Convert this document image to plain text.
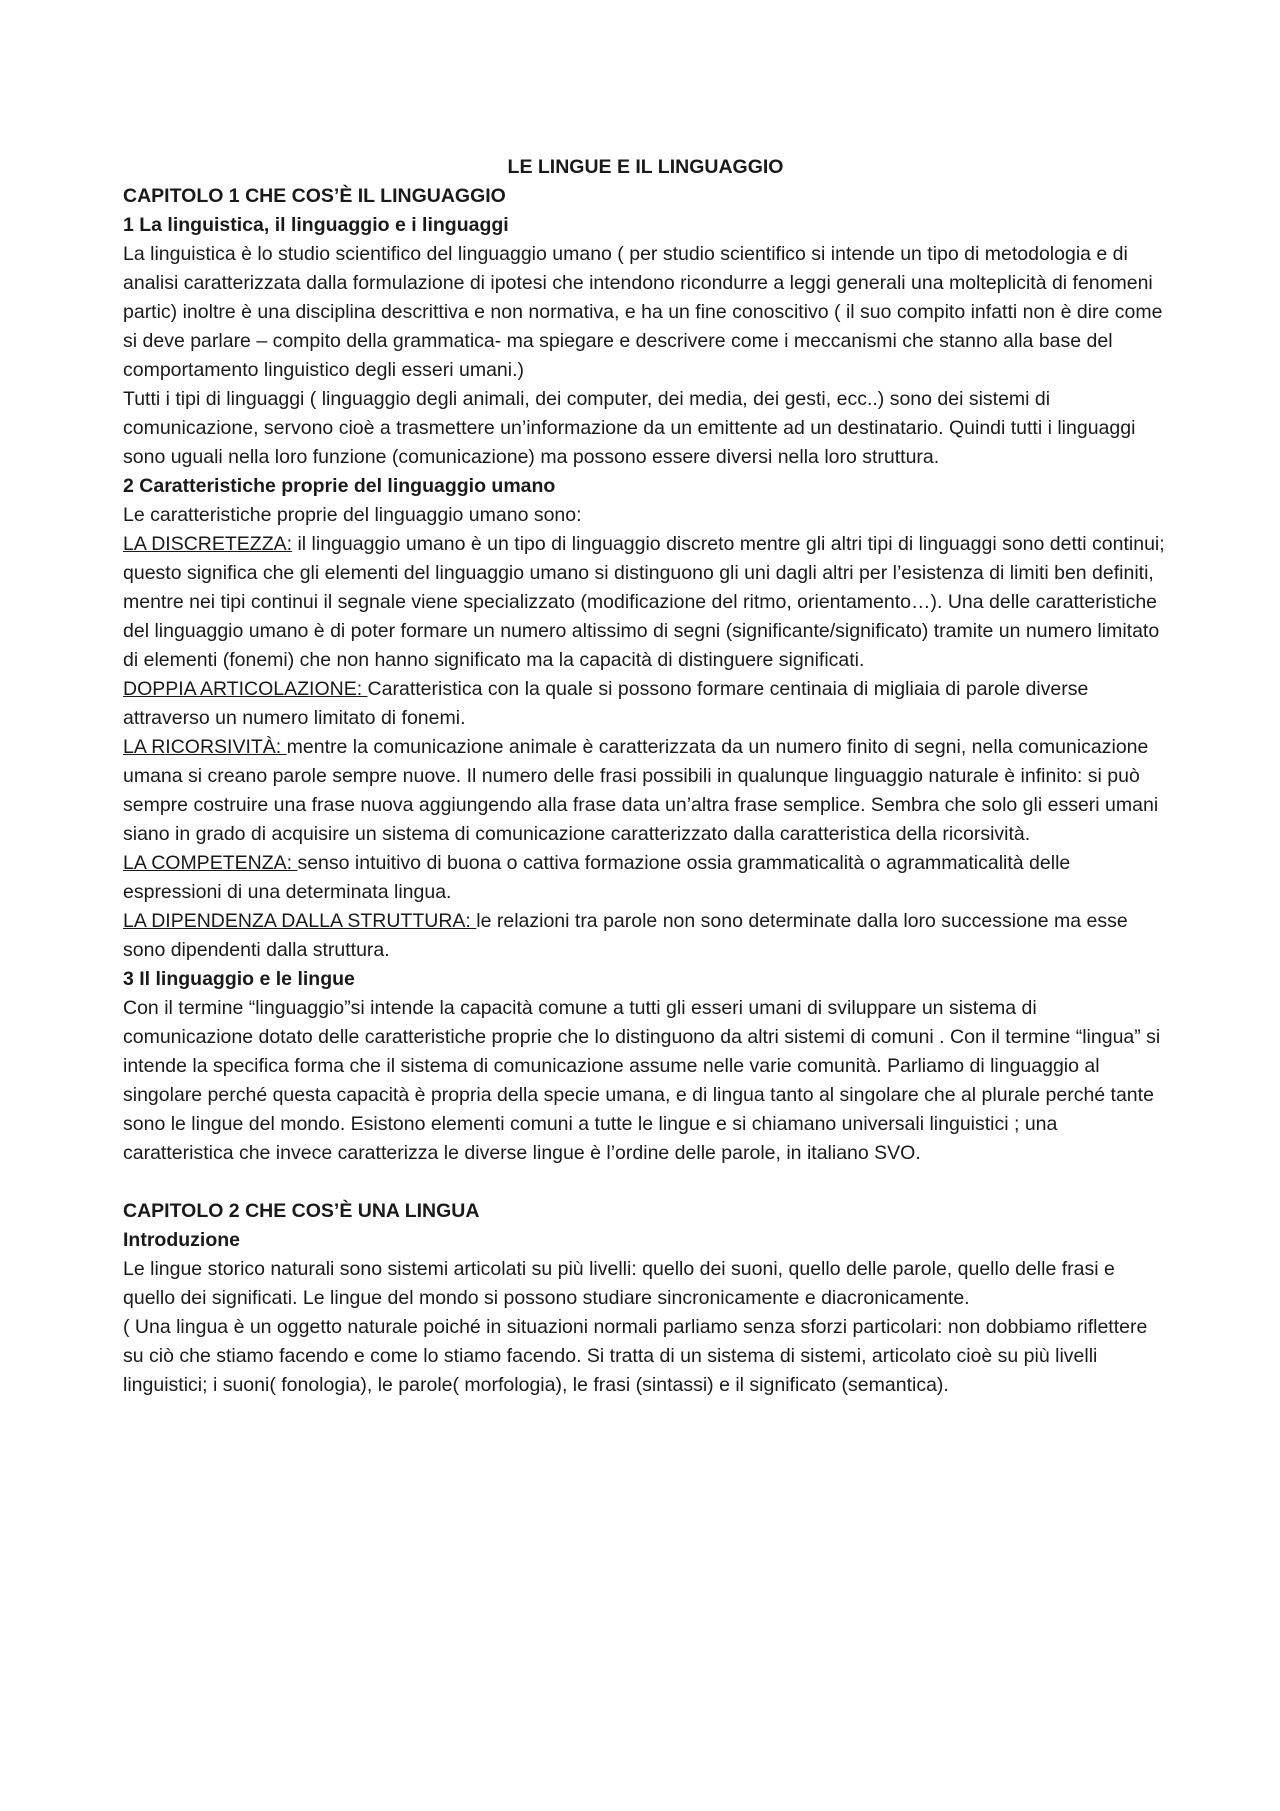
LE LINGUE E IL LINGUAGGIO
CAPITOLO 1 CHE COS’È IL LINGUAGGIO
1 La linguistica, il linguaggio e i linguaggi

La linguistica è lo studio scientifico del linguaggio umano ( per studio scientifico si intende un tipo di metodologia e di analisi caratterizzata dalla formulazione di ipotesi che intendono ricondurre a leggi generali una molteplicità di fenomeni partic) inoltre è una disciplina descrittiva e non normativa, e ha un fine conoscitivo ( il suo compito infatti non è dire come si deve parlare – compito della grammatica- ma spiegare e descrivere come i meccanismi che stanno alla base del comportamento linguistico degli esseri umani.)

Tutti i tipi di linguaggi ( linguaggio degli animali, dei computer, dei media, dei gesti, ecc..) sono dei sistemi di comunicazione, servono cioè a trasmettere un’informazione da un emittente ad un destinatario. Quindi tutti i linguaggi sono uguali nella loro funzione (comunicazione) ma possono essere diversi nella loro struttura.

2 Caratteristiche proprie del linguaggio umano

Le caratteristiche proprie del linguaggio umano sono:

LA DISCRETEZZA: il linguaggio umano è un tipo di linguaggio discreto mentre gli altri tipi di linguaggi sono detti continui; questo significa che gli elementi del linguaggio umano si distinguono gli uni dagli altri per l’esistenza di limiti ben definiti, mentre nei tipi continui il segnale viene specializzato (modificazione del ritmo, orientamento…). Una delle caratteristiche del linguaggio umano è di poter formare un numero altissimo di segni (significante/significato) tramite un numero limitato di elementi (fonemi) che non hanno significato ma la capacità di distinguere significati.

DOPPIA ARTICOLAZIONE: Caratteristica con la quale si possono formare centinaia di migliaia di parole diverse attraverso un numero limitato di fonemi.

LA RICORSIVITÀ: mentre la comunicazione animale è caratterizzata da un numero finito di segni, nella comunicazione umana si creano parole sempre nuove. Il numero delle frasi possibili in qualunque linguaggio naturale è infinito: si può sempre costruire una frase nuova aggiungendo alla frase data un’altra frase semplice. Sembra che solo gli esseri umani siano in grado di acquisire un sistema di comunicazione caratterizzato dalla caratteristica della ricorsività.

LA COMPETENZA: senso intuitivo di buona o cattiva formazione ossia grammaticalità o agrammaticalità delle espressioni di una determinata lingua.

LA DIPENDENZA DALLA STRUTTURA: le relazioni tra parole non sono determinate dalla loro successione ma esse sono dipendenti dalla struttura.

3 Il linguaggio e le lingue

Con il termine “linguaggio”si intende la capacità comune a tutti gli esseri umani di sviluppare un sistema di comunicazione dotato delle caratteristiche proprie che lo distinguono da altri sistemi di comuni . Con il termine “lingua” si intende la specifica forma che il sistema di comunicazione assume nelle varie comunità. Parliamo di linguaggio al singolare perché questa capacità è propria della specie umana, e di lingua tanto al singolare che al plurale perché tante sono le lingue del mondo. Esistono elementi comuni a tutte le lingue e si chiamano universali linguistici ; una caratteristica che invece caratterizza le diverse lingue è l’ordine delle parole, in italiano SVO.

CAPITOLO 2 CHE COS’È UNA LINGUA
Introduzione

Le lingue storico naturali sono sistemi articolati su più livelli: quello dei suoni, quello delle parole, quello delle frasi e quello dei significati. Le lingue del mondo si possono studiare sincronicamente e diacronicamente.

( Una lingua è un oggetto naturale poiché in situazioni normali parliamo senza sforzi particolari: non dobbiamo riflettere su ciò che stiamo facendo e come lo stiamo facendo. Si tratta di un sistema di sistemi, articolato cioè su più livelli linguistici; i suoni( fonologia), le parole( morfologia), le frasi (sintassi) e il significato (semantica).
